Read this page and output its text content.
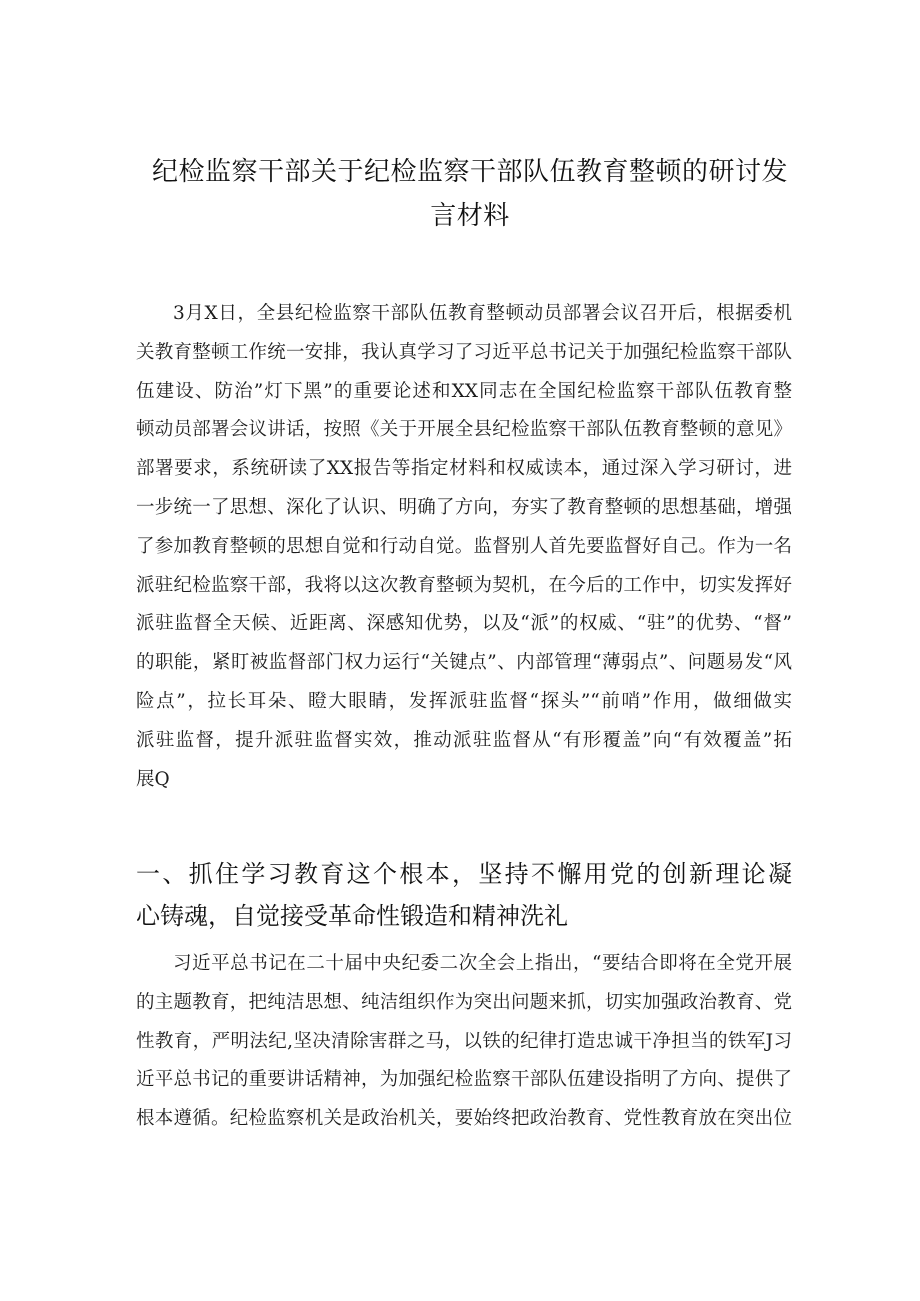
纪检监察干部关于纪检监察干部队伍教育整顿的研讨发
言材料
3月X日，全县纪检监察干部队伍教育整顿动员部署会议召开后，根据委机
关教育整顿工作统一安排，我认真学习了习近平总书记关于加强纪检监察干部队
伍建设、防治”灯下黑”的重要论述和XX同志在全国纪检监察干部队伍教育整
顿动员部署会议讲话，按照《关于开展全县纪检监察干部队伍教育整顿的意见》
部署要求，系统研读了XX报告等指定材料和权威读本，通过深入学习研讨，进
一步统一了思想、深化了认识、明确了方向，夯实了教育整顿的思想基础，增强
了参加教育整顿的思想自觉和行动自觉。监督别人首先要监督好自己。作为一名
派驻纪检监察干部，我将以这次教育整顿为契机，在今后的工作中，切实发挥好
派驻监督全天候、近距离、深感知优势，以及“派”的权威、“驻”的优势、“督”
的职能，紧盯被监督部门权力运行“关键点”、内部管理“薄弱点”、问题易发“风
险点”，拉长耳朵、瞪大眼睛，发挥派驻监督“探头”“前哨”作用，做细做实
派驻监督，提升派驻监督实效，推动派驻监督从“有形覆盖”向“有效覆盖”拓
展Q
一、抓住学习教育这个根本，坚持不懈用党的创新理论凝
心铸魂，自觉接受革命性锻造和精神洗礼
习近平总书记在二十届中央纪委二次全会上指出，“要结合即将在全党开展
的主题教育，把纯洁思想、纯洁组织作为突出问题来抓，切实加强政治教育、党
性教育，严明法纪,坚决清除害群之马，以铁的纪律打造忠诚干净担当的铁军J习
近平总书记的重要讲话精神，为加强纪检监察干部队伍建设指明了方向、提供了
根本遵循。纪检监察机关是政治机关，要始终把政治教育、党性教育放在突出位
